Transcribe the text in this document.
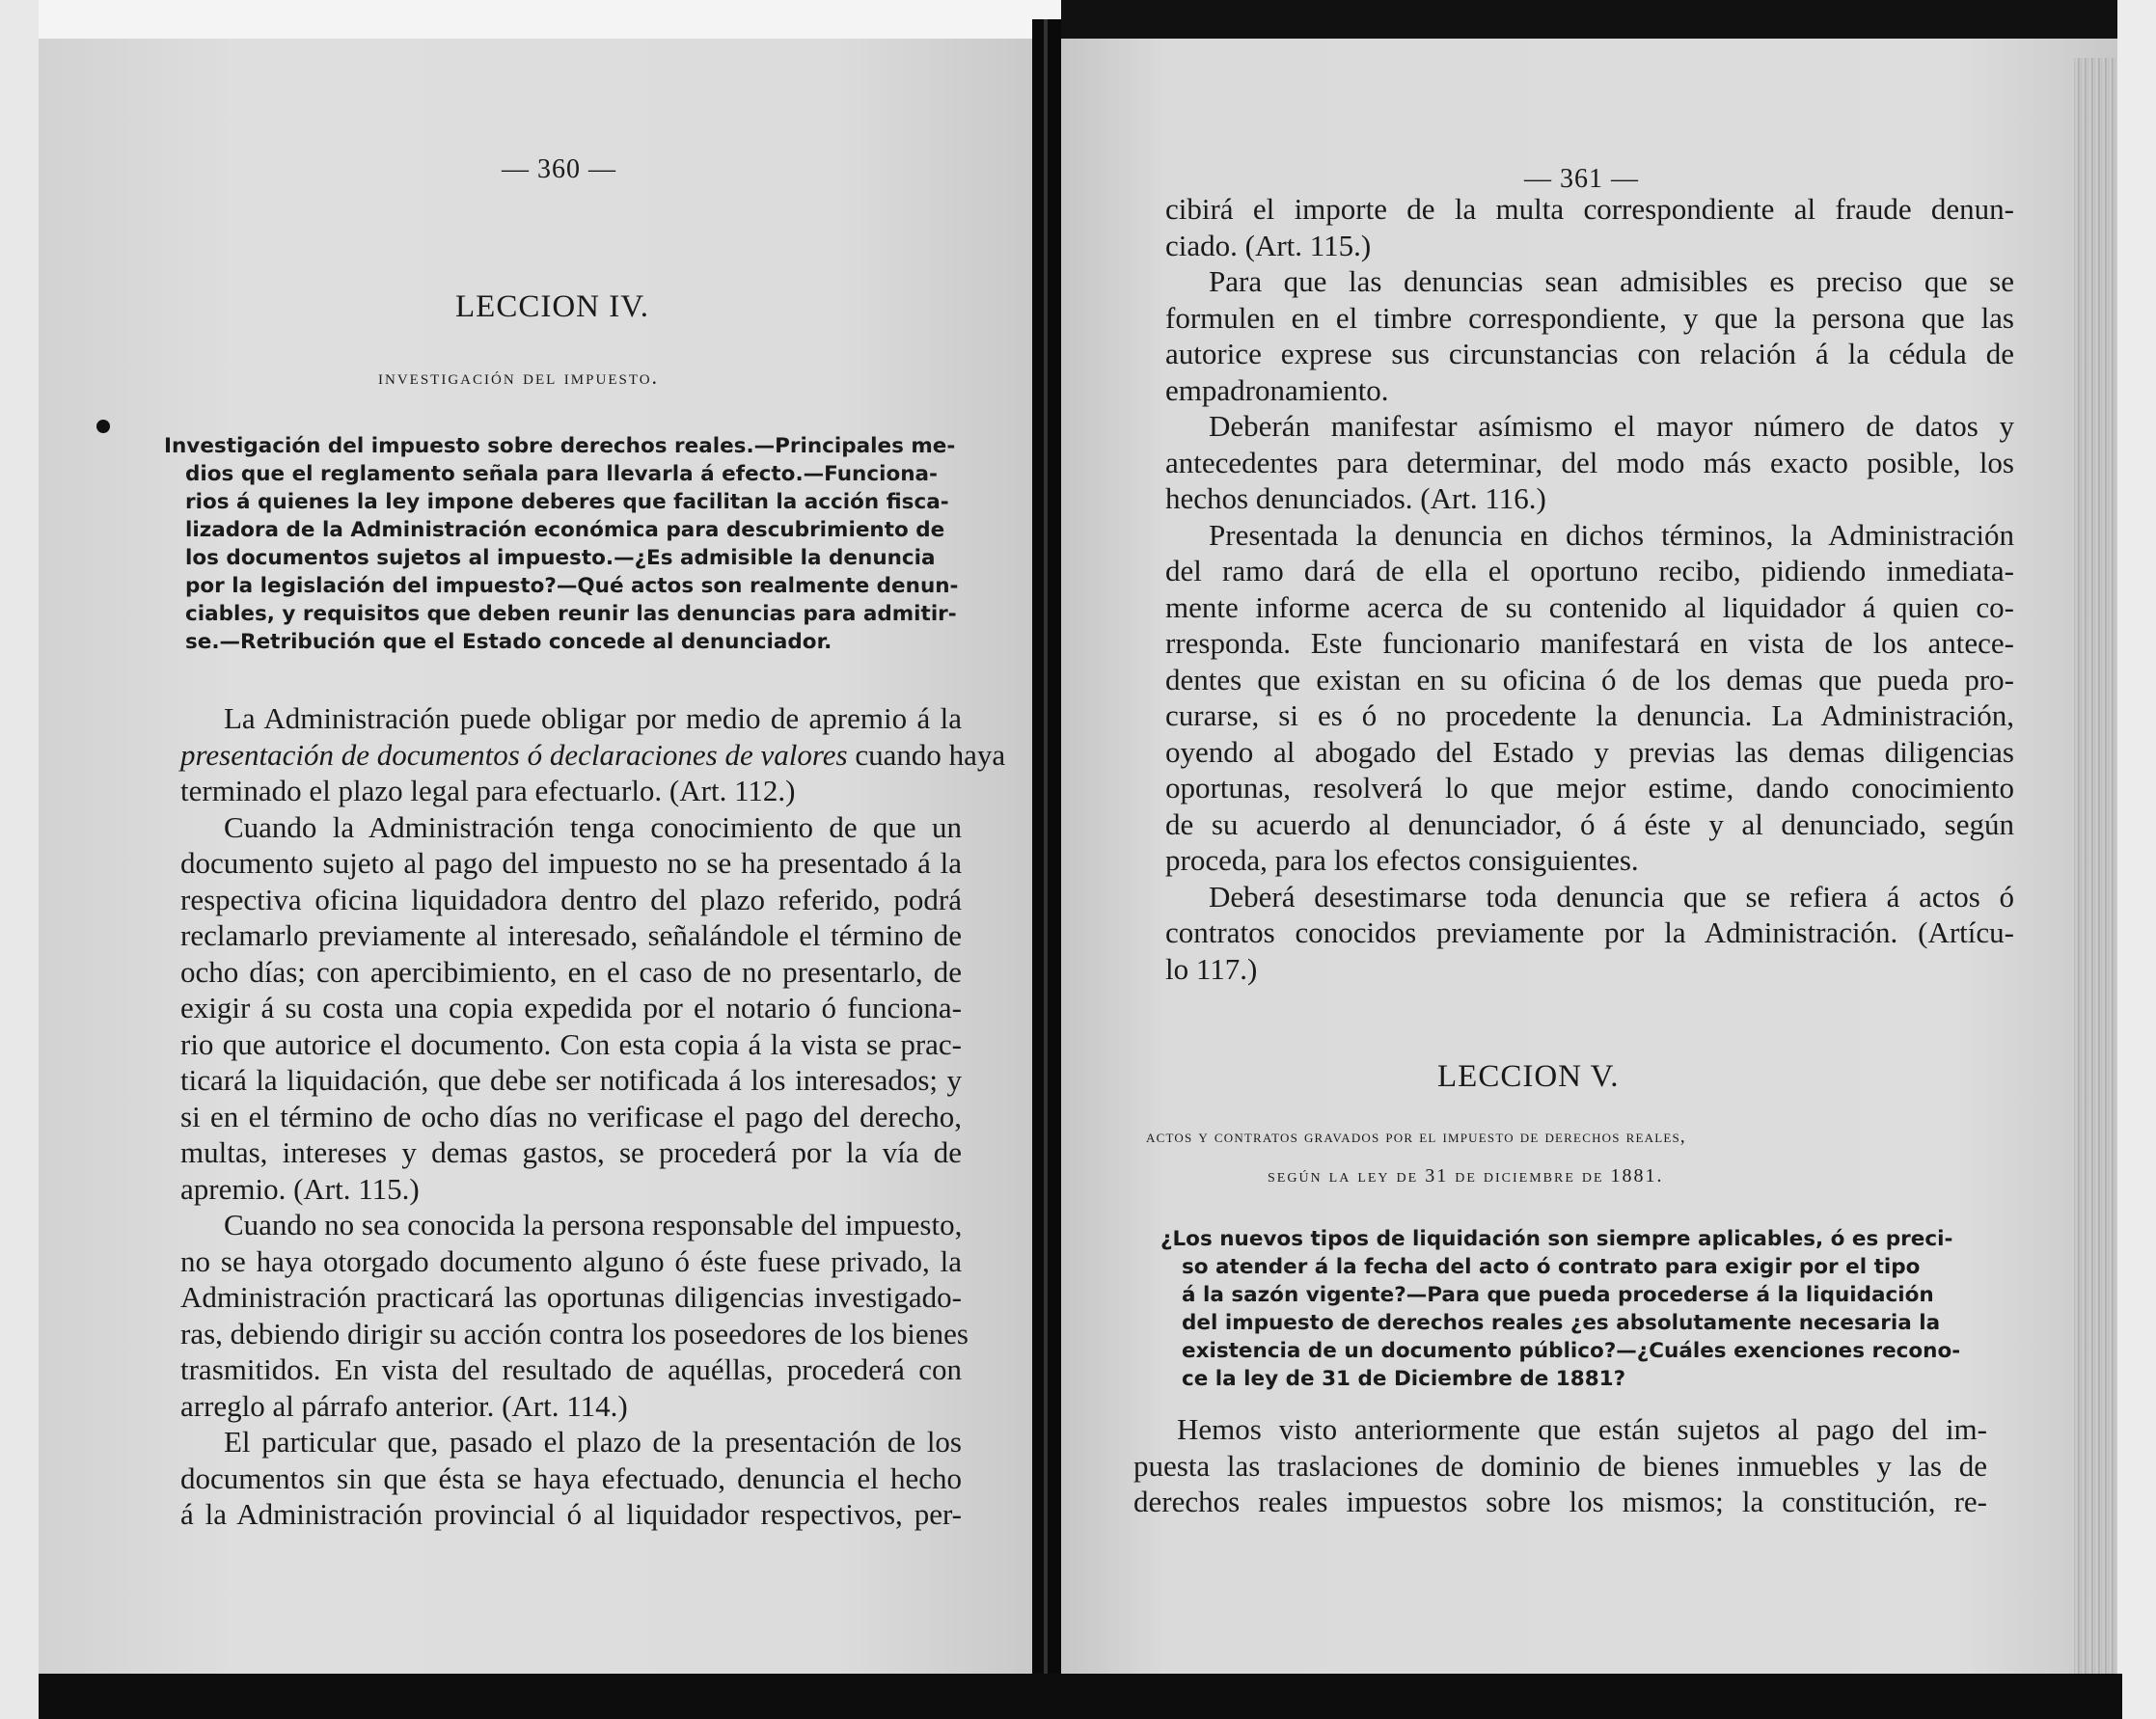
— 360 —
LECCION IV.
investigación del impuesto.
Investigación del impuesto sobre derechos reales.—Principales me-
dios que el reglamento señala para llevarla á efecto.—Funciona-
rios á quienes la ley impone deberes que facilitan la acción fisca-
lizadora de la Administración económica para descubrimiento de
los documentos sujetos al impuesto.—¿Es admisible la denuncia
por la legislación del impuesto?—Qué actos son realmente denun-
ciables, y requisitos que deben reunir las denuncias para admitir-
se.—Retribución que el Estado concede al denunciador.
La Administración puede obligar por medio de apremio á la
presentación de documentos ó declaraciones de valores cuando haya
terminado el plazo legal para efectuarlo. (Art. 112.)
Cuando la Administración tenga conocimiento de que un
documento sujeto al pago del impuesto no se ha presentado á la
respectiva oficina liquidadora dentro del plazo referido, podrá
reclamarlo previamente al interesado, señalándole el término de
ocho días; con apercibimiento, en el caso de no presentarlo, de
exigir á su costa una copia expedida por el notario ó funciona-
rio que autorice el documento. Con esta copia á la vista se prac-
ticará la liquidación, que debe ser notificada á los interesados; y
si en el término de ocho días no verificase el pago del derecho,
multas, intereses y demas gastos, se procederá por la vía de
apremio. (Art. 115.)
Cuando no sea conocida la persona responsable del impuesto,
no se haya otorgado documento alguno ó éste fuese privado, la
Administración practicará las oportunas diligencias investigado-
ras, debiendo dirigir su acción contra los poseedores de los bienes
trasmitidos. En vista del resultado de aquéllas, procederá con
arreglo al párrafo anterior. (Art. 114.)
El particular que, pasado el plazo de la presentación de los
documentos sin que ésta se haya efectuado, denuncia el hecho
á la Administración provincial ó al liquidador respectivos, per-
— 361 —
cibirá el importe de la multa correspondiente al fraude denun-
ciado. (Art. 115.)
Para que las denuncias sean admisibles es preciso que se
formulen en el timbre correspondiente, y que la persona que las
autorice exprese sus circunstancias con relación á la cédula de
empadronamiento.
Deberán manifestar asímismo el mayor número de datos y
antecedentes para determinar, del modo más exacto posible, los
hechos denunciados. (Art. 116.)
Presentada la denuncia en dichos términos, la Administración
del ramo dará de ella el oportuno recibo, pidiendo inmediata-
mente informe acerca de su contenido al liquidador á quien co-
rresponda. Este funcionario manifestará en vista de los antece-
dentes que existan en su oficina ó de los demas que pueda pro-
curarse, si es ó no procedente la denuncia. La Administración,
oyendo al abogado del Estado y previas las demas diligencias
oportunas, resolverá lo que mejor estime, dando conocimiento
de su acuerdo al denunciador, ó á éste y al denunciado, según
proceda, para los efectos consiguientes.
Deberá desestimarse toda denuncia que se refiera á actos ó
contratos conocidos previamente por la Administración. (Artícu-
lo 117.)
LECCION V.
actos y contratos gravados por el impuesto de derechos reales,
según la ley de 31 de diciembre de 1881.
¿Los nuevos tipos de liquidación son siempre aplicables, ó es preci-
so atender á la fecha del acto ó contrato para exigir por el tipo
á la sazón vigente?—Para que pueda procederse á la liquidación
del impuesto de derechos reales ¿es absolutamente necesaria la
existencia de un documento público?—¿Cuáles exenciones recono-
ce la ley de 31 de Diciembre de 1881?
Hemos visto anteriormente que están sujetos al pago del im-
puesta las traslaciones de dominio de bienes inmuebles y las de
derechos reales impuestos sobre los mismos; la constitución, re-
